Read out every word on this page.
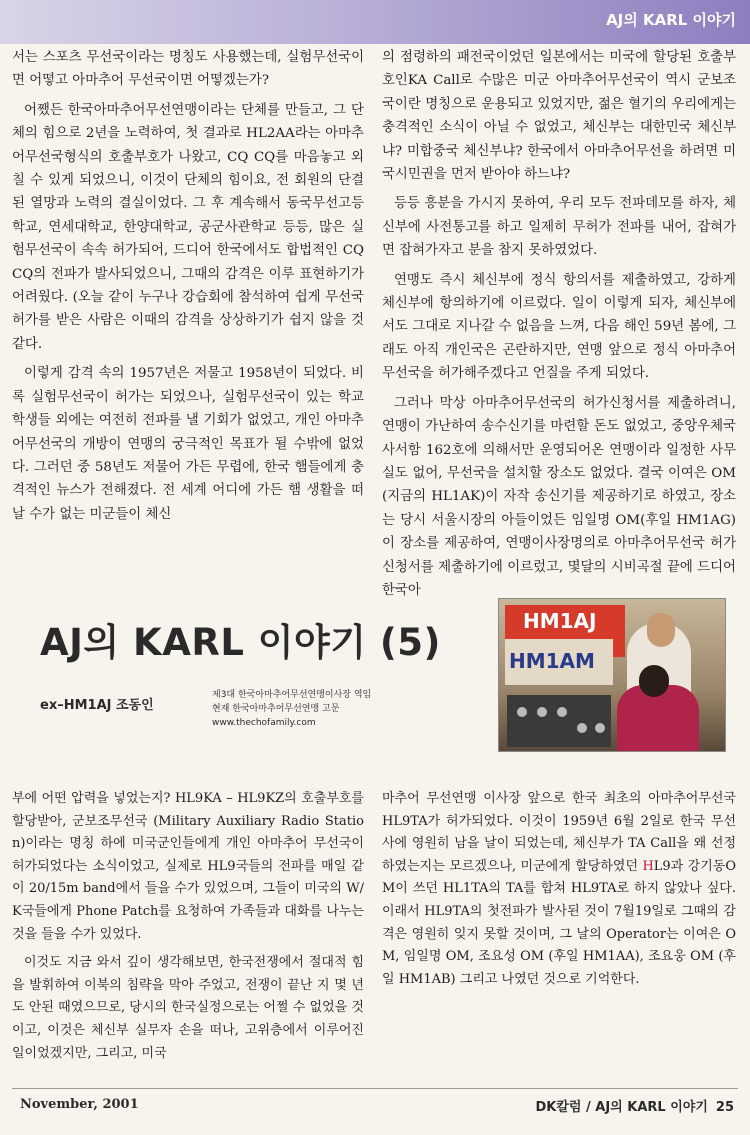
AJ의 KARL 이야기

서는 스포츠 무선국이라는 명칭도 사용했는데, 실험무선국이면 어떻고 아마추어 무선국이면 어떻겠는가?

어쨌든 한국아마추어무선연맹이라는 단체를 만들고, 그 단체의 힘으로 2년을 노력하여, 첫 결과로 HL2AA라는 아마추어무선국형식의 호출부호가 나왔고, CQ CQ를 마음놓고 외칠 수 있게 되었으니, 이것이 단체의 힘이요, 전 회원의 단결된 열망과 노력의 결실이었다. 그 후 계속해서 동국무선고등학교, 연세대학교, 한양대학교, 공군사관학교 등등, 많은 실험무선국이 속속 허가되어, 드디어 한국에서도 합법적인 CQ CQ의 전파가 발사되었으니, 그때의 감격은 이루 표현하기가 어려웠다. (오늘 같이 누구나 강습회에 참석하여 쉽게 무선국 허가를 받은 사람은 이때의 감격을 상상하기가 쉽지 않을 것 같다.

이렇게 감격 속의 1957년은 저물고 1958년이 되었다. 비록 실험무선국이 허가는 되었으나, 실험무선국이 있는 학교 학생들 외에는 여전히 전파를 낼 기회가 없었고, 개인 아마추어무선국의 개방이 연맹의 궁극적인 목표가 될 수밖에 없었다. 그러던 중 58년도 저물어 가든 무렵에, 한국 햄들에게 충격적인 뉴스가 전해졌다. 전 세계 어디에 가든 햄 생활을 떠날 수가 없는 미군들이 체신

의 점령하의 패전국이었던 일본에서는 미국에 할당된 호출부호인KA Call로 수많은 미군 아마추어무선국이 역시 군보조국이란 명칭으로 운용되고 있었지만, 젊은 혈기의 우리에게는 충격적인 소식이 아닐 수 없었고, 체신부는 대한민국 체신부냐? 미합중국 체신부냐? 한국에서 아마추어무선을 하려면 미국시민권을 먼저 받아야 하느냐?

등등 흥분을 가시지 못하여, 우리 모두 전파데모를 하자, 체신부에 사전통고를 하고 일제히 무허가 전파를 내어, 잡혀가면 잡혀가자고 분을 참지 못하였었다.

연맹도 즉시 체신부에 정식 항의서를 제출하였고, 강하게 체신부에 항의하기에 이르렀다. 일이 이렇게 되자, 체신부에서도 그대로 지나갈 수 없음을 느껴, 다음 해인 59년 봄에, 그래도 아직 개인국은 곤란하지만, 연맹 앞으로 정식 아마추어무선국을 허가해주겠다고 언질을 주게 되었다.

그러나 막상 아마추어무선국의 허가신청서를 제출하려니, 연맹이 가난하여 송수신기를 마련할 돈도 없었고, 중앙우체국 사서함 162호에 의해서만 운영되어온 연맹이라 일정한 사무실도 없어, 무선국을 설치할 장소도 없었다. 결국 이여은 OM (지금의 HL1AK)이 자작 송신기를 제공하기로 하였고, 장소는 당시 서울시장의 아들이었든 임일명 OM(후일 HM1AG)이 장소를 제공하여, 연맹이사장명의로 아마추어무선국 허가 신청서를 제출하기에 이르렀고, 몇달의 시비곡절 끝에 드디어 한국아

AJ의 KARL 이야기 (5)
ex–HM1AJ 조동인
제3대 한국아마추어무선연맹이사장 역임
현재 한국아마추어무선연맹 고문
www.thechofamily.com
HM1AJ
HM1AM

부에 어떤 압력을 넣었는지? HL9KA – HL9KZ의 호출부호를 할당받아, 군보조무선국 (Military Auxiliary Radio Station)이라는 명칭 하에 미국군인들에게 개인 아마추어 무선국이 허가되었다는 소식이었고, 실제로 HL9국들의 전파를 매일 같이 20/15m band에서 들을 수가 있었으며, 그들이 미국의 W/K국들에게 Phone Patch를 요청하여 가족들과 대화를 나누는 것을 들을 수가 있었다.

이것도 지금 와서 깊이 생각해보면, 한국전쟁에서 절대적 힘을 발휘하여 이북의 침략을 막아 주었고, 전쟁이 끝난 지 몇 년도 안된 때였으므로, 당시의 한국실정으로는 어쩔 수 없었을 것이고, 이것은 체신부 실무자 손을 떠나, 고위층에서 이루어진 일이었겠지만, 그리고, 미국

마추어 무선연맹 이사장 앞으로 한국 최초의 아마추어무선국 HL9TA가 허가되었다. 이것이 1959년 6월 2일로 한국 무선사에 영원히 남을 날이 되었는데, 체신부가 TA Call을 왜 선정하였는지는 모르겠으나, 미군에게 할당하였던 HL9과 강기동OM이 쓰던 HL1TA의 TA를 합쳐 HL9TA로 하지 않았나 싶다. 이래서 HL9TA의 첫전파가 발사된 것이 7월19일로 그때의 감격은 영원히 잊지 못할 것이며, 그 날의 Operator는 이여은 OM, 임일명 OM, 조요성 OM (후일 HM1AA), 조요웅 OM (후일 HM1AB) 그리고 나였던 것으로 기억한다.

November, 2001	DK칼럼 / AJ의 KARL 이야기 25
